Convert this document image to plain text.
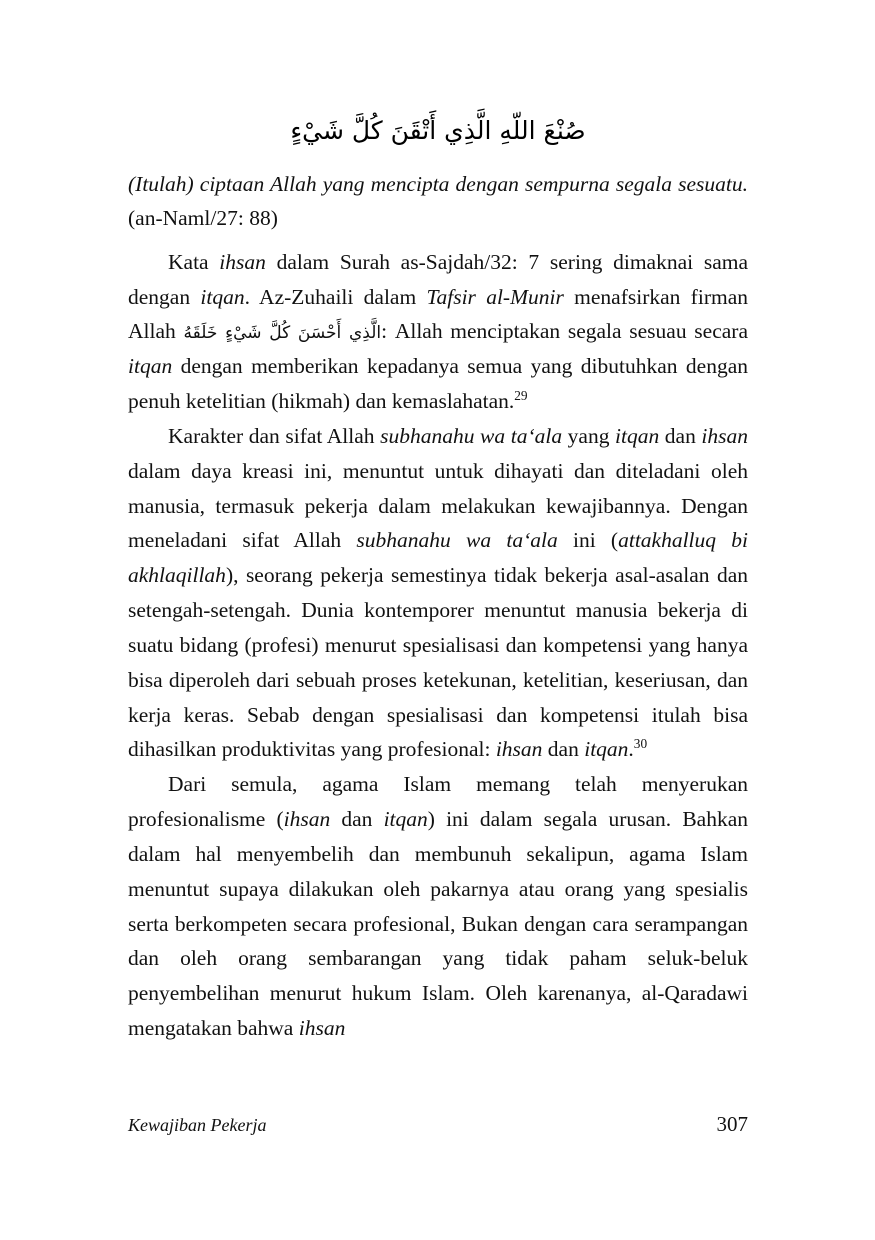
صُنْعَ اللّهِ الَّذِي أَتْقَنَ كُلَّ شَيْءٍ

(Itulah) ciptaan Allah yang mencipta dengan sempurna segala sesuatu. (an-Naml/27: 88)

Kata ihsan dalam Surah as-Sajdah/32: 7 sering dimaknai sama dengan itqan. Az-Zuhaili dalam Tafsir al-Munir menafsirkan firman Allah الَّذِي أَحْسَنَ كُلَّ شَيْءٍ خَلَقَهُ: Allah menciptakan segala sesuau secara itqan dengan memberikan kepadanya semua yang dibutuhkan dengan penuh ketelitian (hikmah) dan kemaslahatan.$^{29}$

Karakter dan sifat Allah subhanahu wa ta‘ala yang itqan dan ihsan dalam daya kreasi ini, menuntut untuk dihayati dan diteladani oleh manusia, termasuk pekerja dalam melakukan kewajibannya. Dengan meneladani sifat Allah subhanahu wa ta‘ala ini (attakhalluq bi akhlaqillah), seorang pekerja semestinya tidak bekerja asal-asalan dan setengah-setengah. Dunia kontemporer menuntut manusia bekerja di suatu bidang (profesi) menurut spesialisasi dan kompetensi yang hanya bisa diperoleh dari sebuah proses ketekunan, ketelitian, keseriusan, dan kerja keras. Sebab dengan spesialisasi dan kompetensi itulah bisa dihasilkan produktivitas yang profesional: ihsan dan itqan.$^{30}$

Dari semula, agama Islam memang telah menyerukan profesionalisme (ihsan dan itqan) ini dalam segala urusan. Bahkan dalam hal menyembelih dan membunuh sekalipun, agama Islam menuntut supaya dilakukan oleh pakarnya atau orang yang spesialis serta berkompeten secara profesional, Bukan dengan cara serampangan dan oleh orang sembarangan yang tidak paham seluk-beluk penyembelihan menurut hukum Islam. Oleh karenanya, al-Qaradawi mengatakan bahwa ihsan

Kewajiban Pekerja	307
